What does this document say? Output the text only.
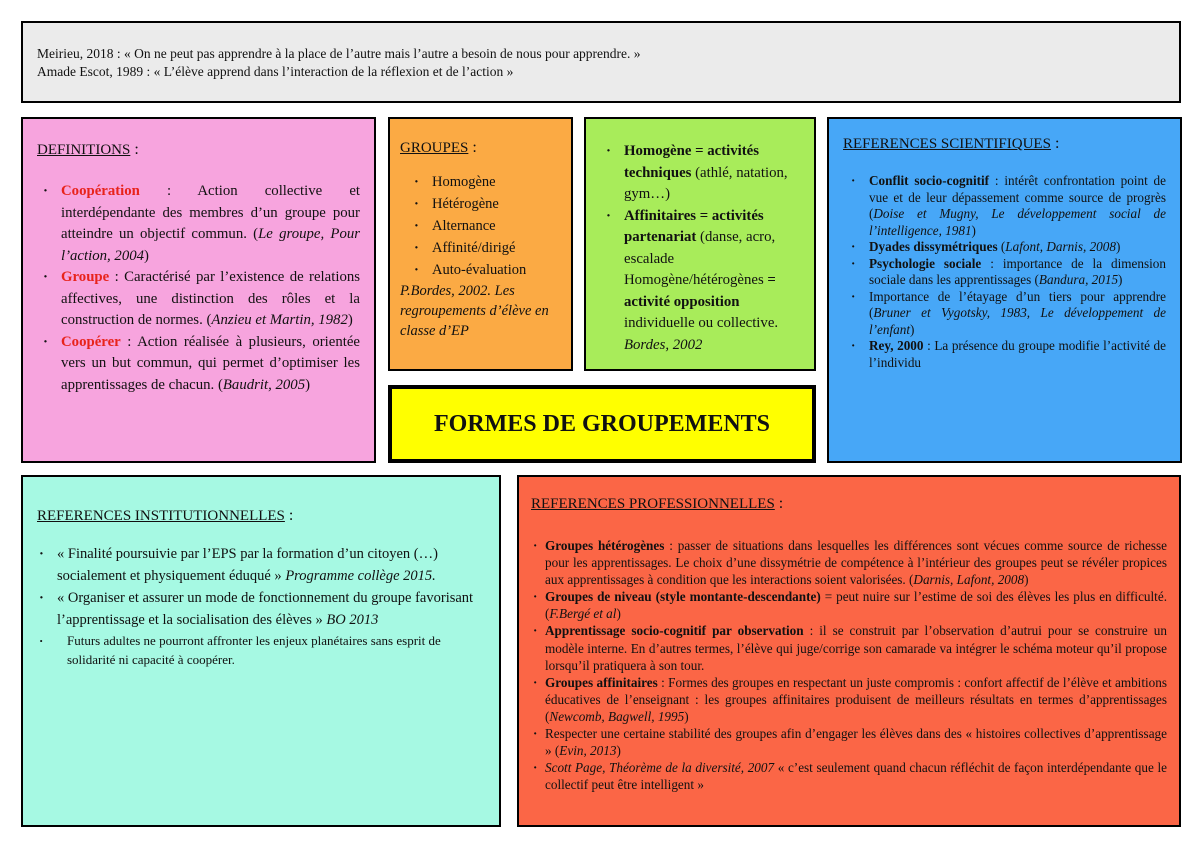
Meirieu, 2018 : « On ne peut pas apprendre à la place de l’autre mais l’autre a besoin de nous pour apprendre. »
Amade Escot, 1989 : « L’élève apprend dans l’interaction de la réflexion et de l’action »
DEFINITIONS :
· Coopération : Action collective et interdépendante des membres d’un groupe pour atteindre un objectif commun. (Le groupe, Pour l’action, 2004)
· Groupe : Caractérisé par l’existence de relations affectives, une distinction des rôles et la construction de normes. (Anzieu et Martin, 1982)
· Coopérer : Action réalisée à plusieurs, orientée vers un but commun, qui permet d’optimiser les apprentissages de chacun. (Baudrit, 2005)
GROUPES :
· Homogène
· Hétérogène
· Alternance
· Affinité/dirigé
· Auto-évaluation
P.Bordes, 2002. Les regroupements d’élève en classe d’EP
· Homogène = activités techniques (athlé, natation, gym…)
· Affinitaires = activités partenariat (danse, acro, escalade
Homogène/hétérogènes = activité opposition individuelle ou collective. Bordes, 2002
FORMES DE GROUPEMENTS
REFERENCES SCIENTIFIQUES :
· Conflit socio-cognitif : intérêt confrontation point de vue et de leur dépassement comme source de progrès (Doise et Mugny, Le développement social de l’intelligence, 1981)
· Dyades dissymétriques (Lafont, Darnis, 2008)
· Psychologie sociale : importance de la dimension sociale dans les apprentissages (Bandura, 2015)
· Importance de l’étayage d’un tiers pour apprendre (Bruner et Vygotsky, 1983, Le développement de l’enfant)
· Rey, 2000 : La présence du groupe modifie l’activité de l’individu
REFERENCES INSTITUTIONNELLES :
· « Finalité poursuivie par l’EPS par la formation d’un citoyen (…) socialement et physiquement éduqué » Programme collège 2015.
· « Organiser et assurer un mode de fonctionnement du groupe favorisant l’apprentissage et la socialisation des élèves » BO 2013
· Futurs adultes ne pourront affronter les enjeux planétaires sans esprit de solidarité ni capacité à coopérer.
REFERENCES PROFESSIONNELLES :
· Groupes hétérogènes : passer de situations dans lesquelles les différences sont vécues comme source de richesse pour les apprentissages. Le choix d’une dissymétrie de compétence à l’intérieur des groupes peut se révéler propices aux apprentissages à condition que les interactions soient valorisées. (Darnis, Lafont, 2008)
· Groupes de niveau (style montante-descendante) = peut nuire sur l’estime de soi des élèves les plus en difficulté. (F.Bergé et al)
· Apprentissage socio-cognitif par observation : il se construit par l’observation d’autrui pour se construire un modèle interne. En d’autres termes, l’élève qui juge/corrige son camarade va intégrer le schéma moteur qu’il propose lorsqu’il pratiquera à son tour.
· Groupes affinitaires : Formes des groupes en respectant un juste compromis : confort affectif de l’élève et ambitions éducatives de l’enseignant : les groupes affinitaires produisent de meilleurs résultats en termes d’apprentissages (Newcomb, Bagwell, 1995)
· Respecter une certaine stabilité des groupes afin d’engager les élèves dans des « histoires collectives d’apprentissage » (Evin, 2013)
· Scott Page, Théorème de la diversité, 2007 « c’est seulement quand chacun réfléchit de façon interdépendante que le collectif peut être intelligent »
